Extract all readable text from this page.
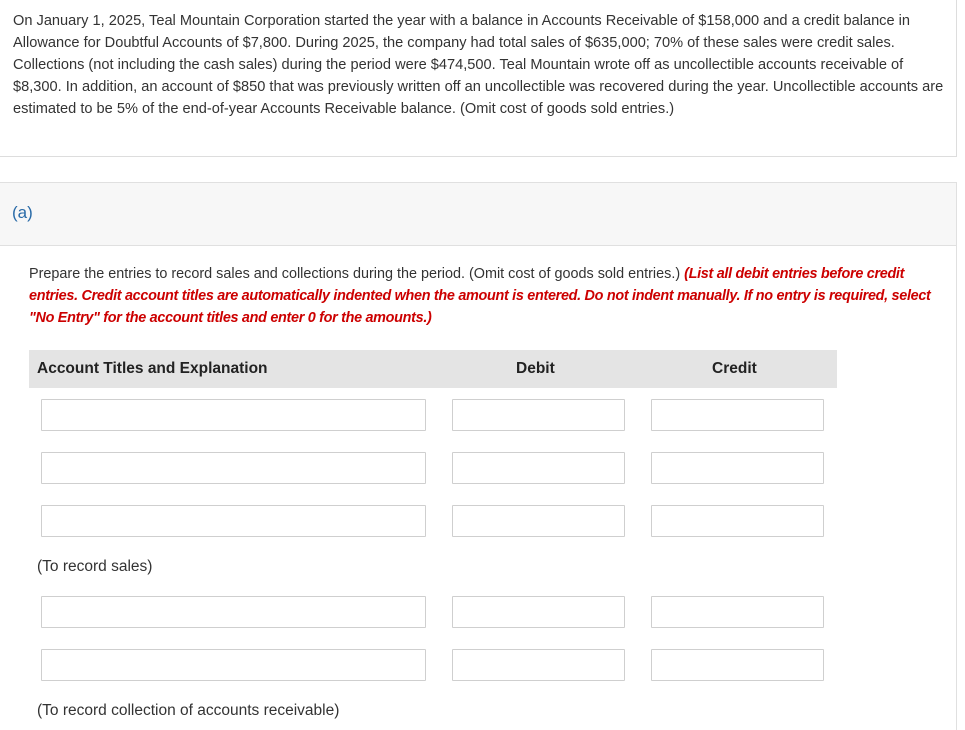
On January 1, 2025, Teal Mountain Corporation started the year with a balance in Accounts Receivable of $158,000 and a credit balance in Allowance for Doubtful Accounts of $7,800. During 2025, the company had total sales of $635,000; 70% of these sales were credit sales. Collections (not including the cash sales) during the period were $474,500. Teal Mountain wrote off as uncollectible accounts receivable of $8,300. In addition, an account of $850 that was previously written off an uncollectible was recovered during the year. Uncollectible accounts are estimated to be 5% of the end-of-year Accounts Receivable balance. (Omit cost of goods sold entries.)

(a)

Prepare the entries to record sales and collections during the period. (Omit cost of goods sold entries.) (List all debit entries before credit entries. Credit account titles are automatically indented when the amount is entered. Do not indent manually. If no entry is required, select "No Entry" for the account titles and enter 0 for the amounts.)

Account Titles and Explanation	Debit	Credit
(To record sales)
(To record collection of accounts receivable)
